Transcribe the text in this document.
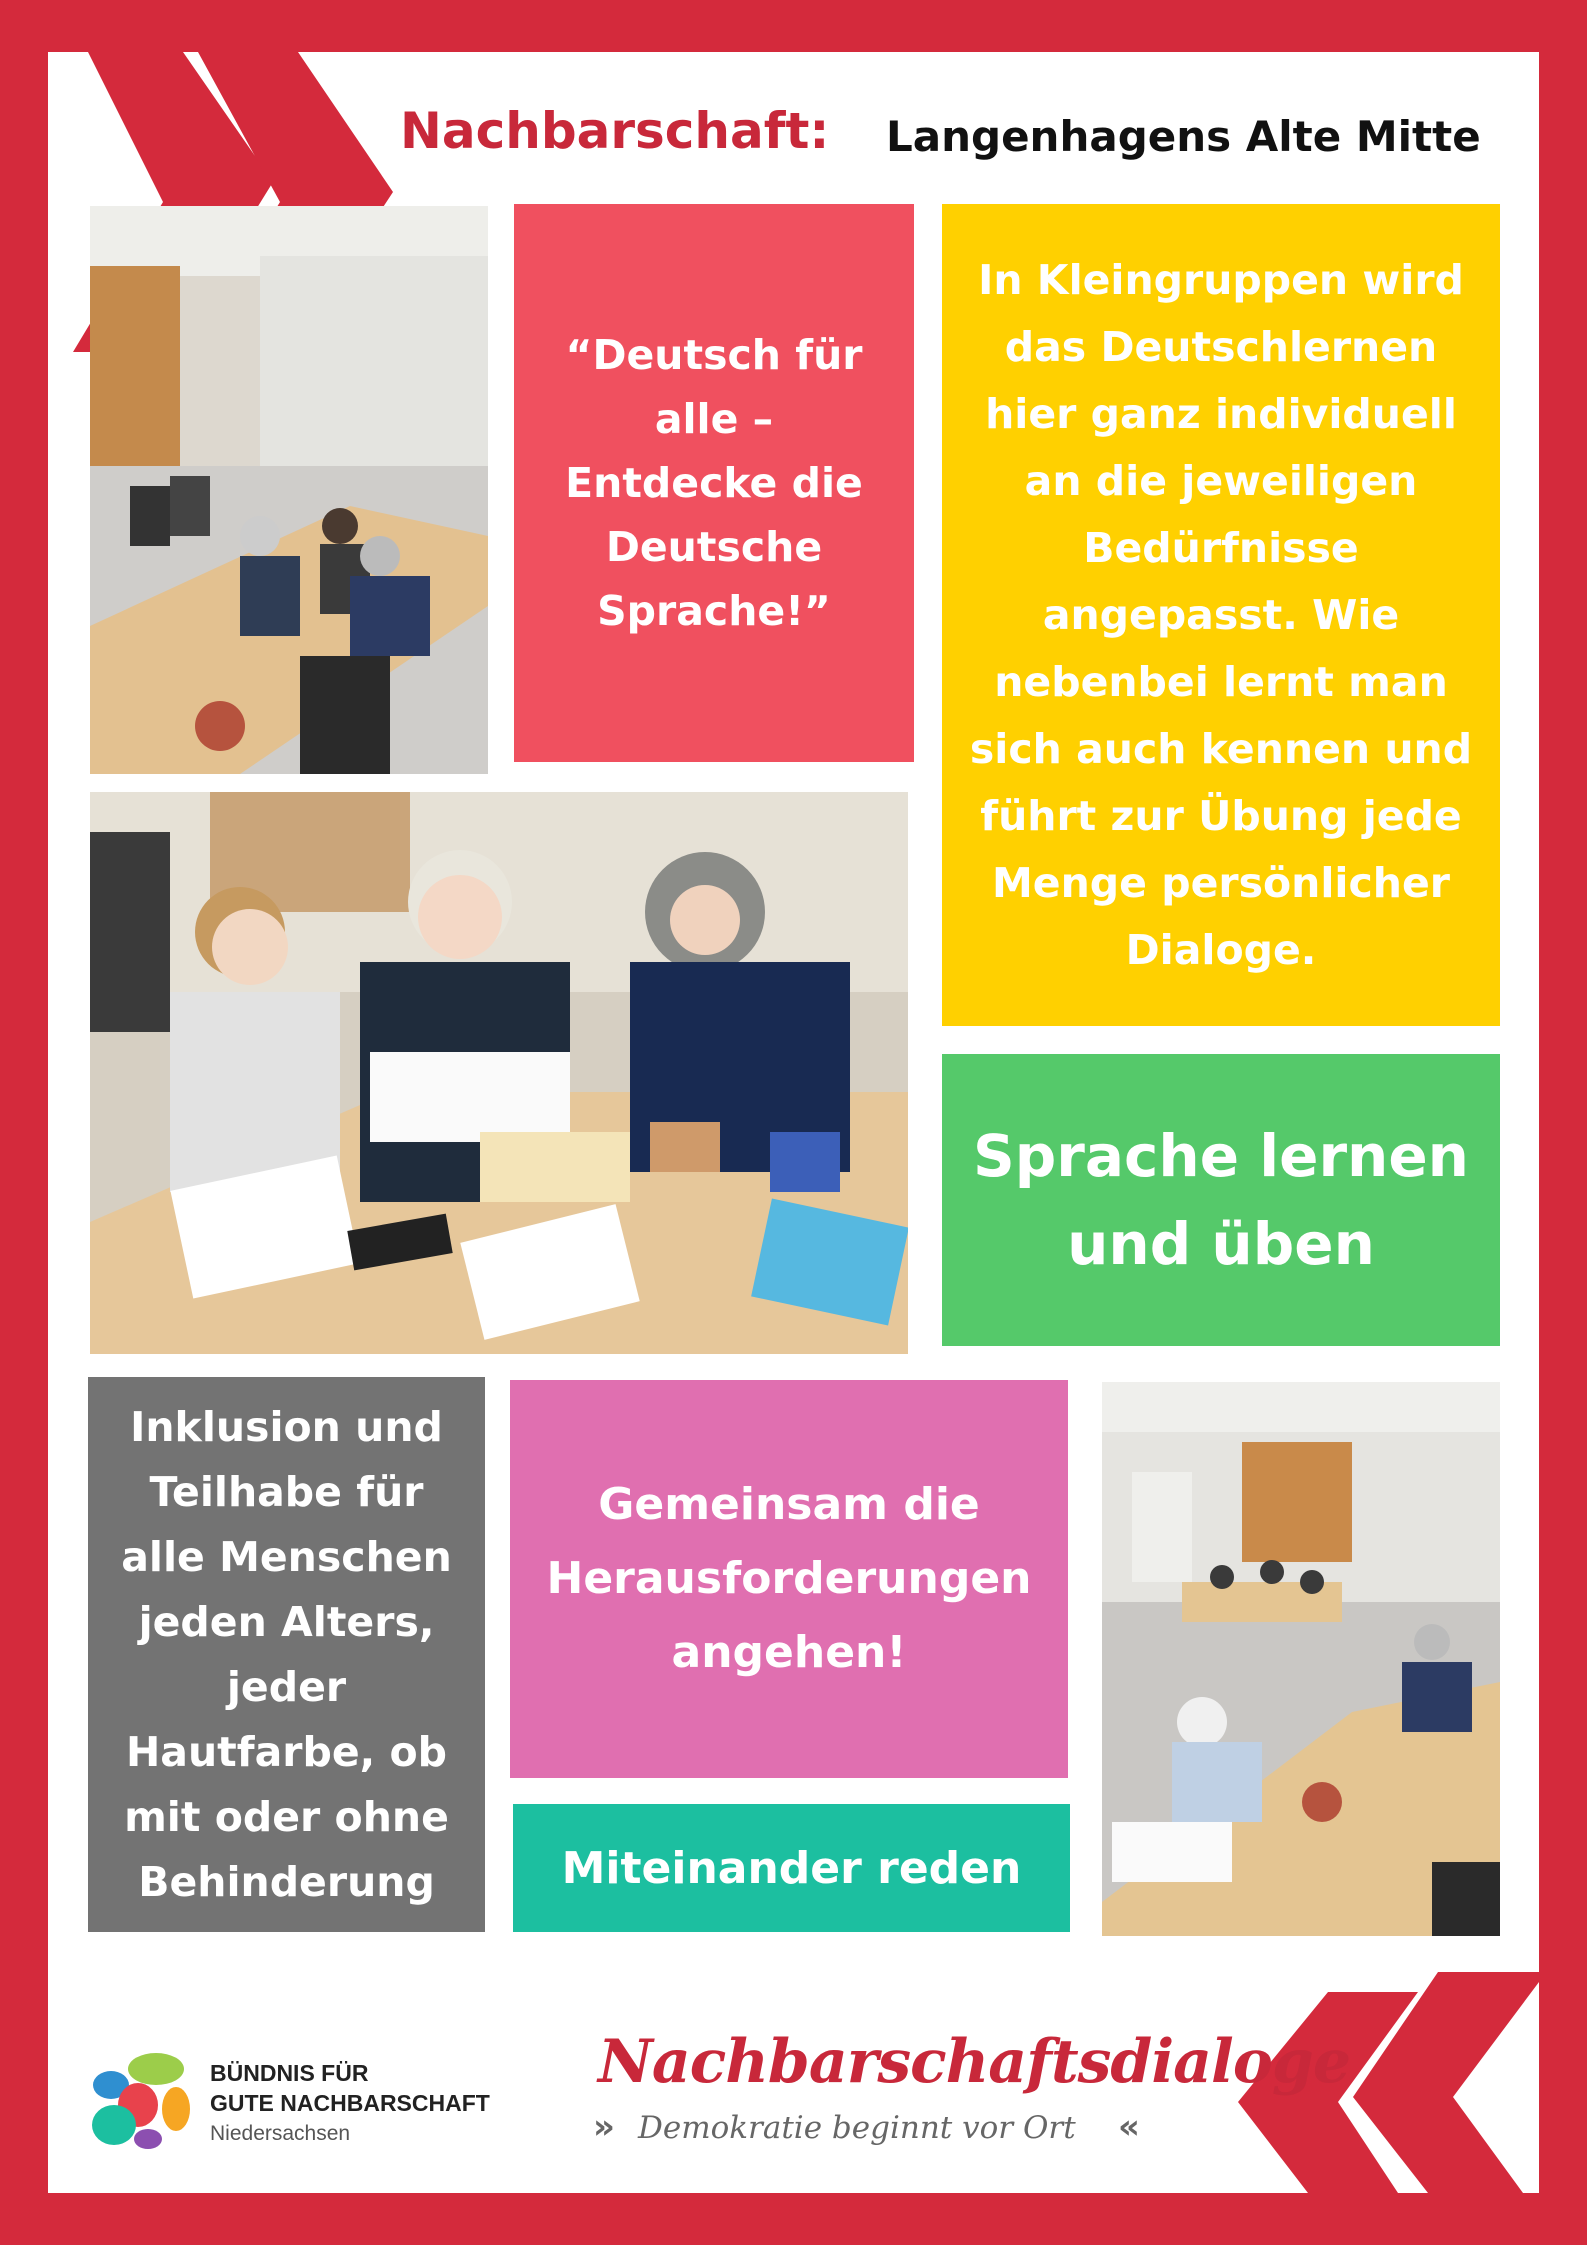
Nachbarschaft: Langenhagens Alte Mitte
“Deutsch für alle – Entdecke die Deutsche Sprache!”
In Kleingruppen wird das Deutschlernen hier ganz individuell an die jeweiligen Bedürfnisse angepasst. Wie nebenbei lernt man sich auch kennen und führt zur Übung jede Menge persönlicher Dialoge.
Sprache lernen und üben
Inklusion und Teilhabe für alle Menschen jeden Alters, jeder Hautfarbe, ob mit oder ohne Behinderung
Gemeinsam die Herausforderungen angehen!
Miteinander reden
BÜNDNIS FÜR
GUTE NACHBARSCHAFT
Niedersachsen
Nachbarschaftsdialoge
» Demokratie beginnt vor Ort «
